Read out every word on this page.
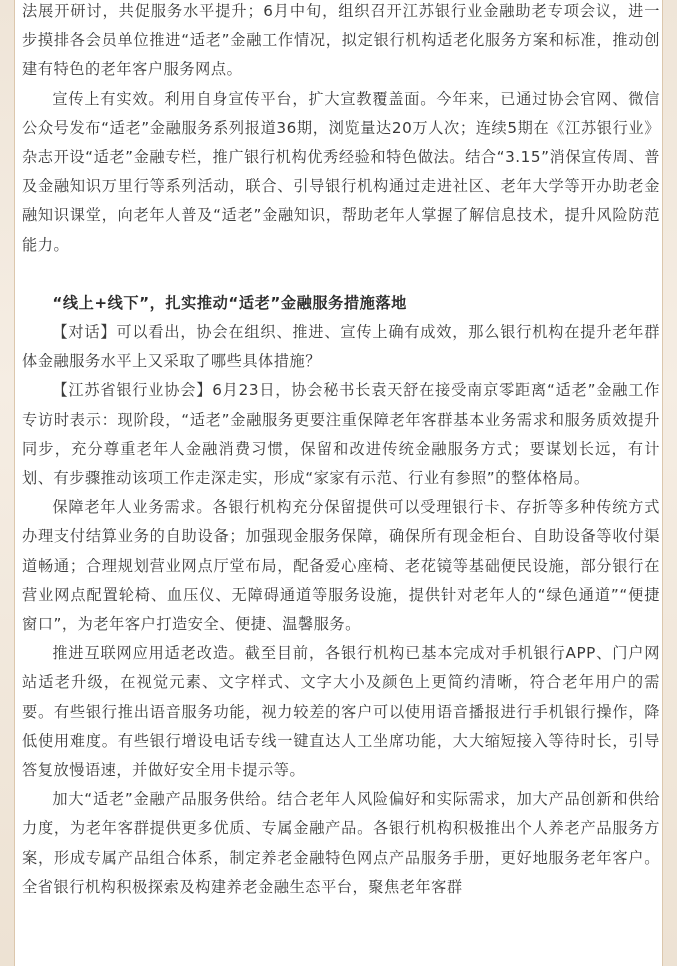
法展开研讨，共促服务水平提升；6月中旬，组织召开江苏银行业金融助老专项会议，进一步摸排各会员单位推进“适老”金融工作情况，拟定银行机构适老化服务方案和标准，推动创建有特色的老年客户服务网点。

宣传上有实效。利用自身宣传平台，扩大宣教覆盖面。今年来，已通过协会官网、微信公众号发布“适老”金融服务系列报道36期，浏览量达20万人次；连续5期在《江苏银行业》杂志开设“适老”金融专栏，推广银行机构优秀经验和特色做法。结合“3.15”消保宣传周、普及金融知识万里行等系列活动，联合、引导银行机构通过走进社区、老年大学等开办助老金融知识课堂，向老年人普及“适老”金融知识，帮助老年人掌握了解信息技术，提升风险防范能力。

“线上+线下”，扎实推动“适老”金融服务措施落地

【对话】可以看出，协会在组织、推进、宣传上确有成效，那么银行机构在提升老年群体金融服务水平上又采取了哪些具体措施？

【江苏省银行业协会】6月23日，协会秘书长袁天舒在接受南京零距离“适老”金融工作专访时表示：现阶段，“适老”金融服务更要注重保障老年客群基本业务需求和服务质效提升同步，充分尊重老年人金融消费习惯，保留和改进传统金融服务方式；要谋划长远，有计划、有步骤推动该项工作走深走实，形成“家家有示范、行业有参照”的整体格局。

保障老年人业务需求。各银行机构充分保留提供可以受理银行卡、存折等多种传统方式办理支付结算业务的自助设备；加强现金服务保障，确保所有现金柜台、自助设备等收付渠道畅通；合理规划营业网点厅堂布局，配备爱心座椅、老花镜等基础便民设施，部分银行在营业网点配置轮椅、血压仪、无障碍通道等服务设施，提供针对老年人的“绿色通道”“便捷窗口”，为老年客户打造安全、便捷、温馨服务。

推进互联网应用适老改造。截至目前，各银行机构已基本完成对手机银行APP、门户网站适老升级，在视觉元素、文字样式、文字大小及颜色上更简约清晰，符合老年用户的需要。有些银行推出语音服务功能，视力较差的客户可以使用语音播报进行手机银行操作，降低使用难度。有些银行增设电话专线一键直达人工坐席功能，大大缩短接入等待时长，引导答复放慢语速，并做好安全用卡提示等。

加大“适老”金融产品服务供给。结合老年人风险偏好和实际需求，加大产品创新和供给力度，为老年客群提供更多优质、专属金融产品。各银行机构积极推出个人养老产品服务方案，形成专属产品组合体系，制定养老金融特色网点产品服务手册，更好地服务老年客户。全省银行机构积极探索及构建养老金融生态平台，聚焦老年客群
